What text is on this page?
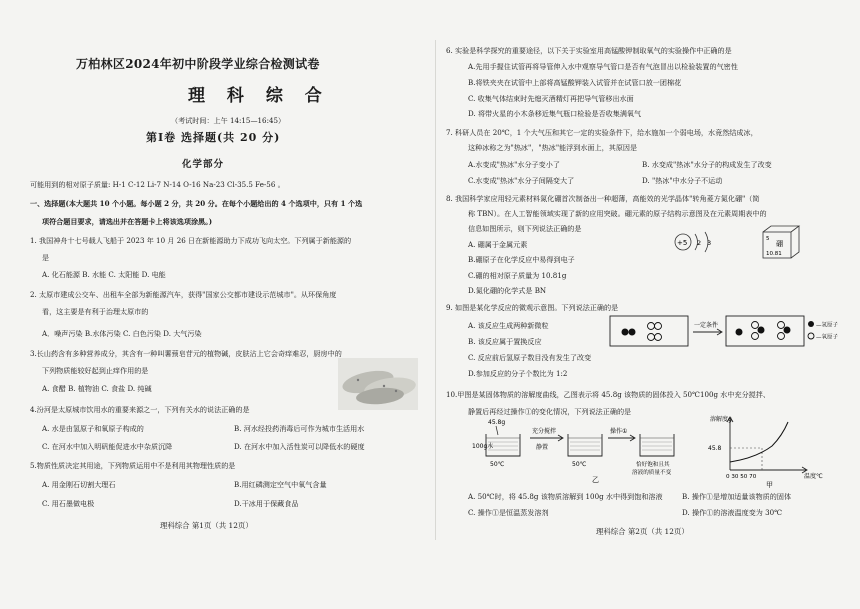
万柏林区2024年初中阶段学业综合检测试卷
理 科 综 合
（考试时间：上午 14:15—16:45）
第Ⅰ卷 选择题(共 20 分)
化学部分
可能用到的相对原子质量: H-1 C-12 Li-7 N-14 O-16 Na-23 Cl-35.5 Fe-56 。
一、选择题(本大题共 10 个小题。每小题 2 分，共 20 分。在每个小题给出的 4 个选项中，只有 1 个选
项符合题目要求，请选出并在答题卡上将该选项涂黑。)
1. 我国神舟十七号载人飞船于 2023 年 10 月 26 日在新能源助力下成功飞向太空。下列属于新能源的
是
A. 化石能源 B. 水能 C. 太阳能 D. 电能
2. 太原市建成公交车、出租车全部为新能源汽车，获得"国家公交都市建设示范城市"。从环保角度
看，这主要是有利于治理太原市的
A．噪声污染 B.水体污染 C. 白色污染 D. 大气污染
3.长山药含有多种营养成分，其含有一种叫薯蓣皂苷元的植物碱，皮肤沾上它会奇痒难忍，厨房中的
下列物质能较好起到止痒作用的是
A. 食醋 B. 植物油 C. 食盐 D. 纯碱
4.汾河是太原城市饮用水的重要来源之一，下列有关水的说法正确的是
A. 水是由氢原子和氧原子构成的	B. 河水经投药消毒后可作为城市生活用水
C. 在河水中加入明矾能促进水中杂质沉降	D. 在河水中加入活性炭可以降低水的硬度
5.物质性质决定其用途，下列物质运用中不是利用其物理性质的是
A. 用金刚石切割大理石	B.用红磷测定空气中氧气含量
C. 用石墨做电极	D.干冰用于保藏食品
理科综合 第1页（共 12页）
6. 实验是科学探究的重要途径，以下关于实验室用高锰酸钾制取氧气的实验操作中正确的是
A.先用手握住试管再将导管伸入水中观察导气管口是否有气泡冒出以检验装置的气密性
B.将铁夹夹在试管中上部将高锰酸钾装入试管并在试管口放一团棉花
C. 收集气体结束时先熄灭酒精灯再把导气管移出水面
D. 将带火星的小木条移近集气瓶口检验是否收集满氧气
7. 科研人员在 20℃，1 个大气压和其它一定的实验条件下，给水施加一个弱电场，水竟然结成冰，
这种冰称之为"热冰"，"热冰"能浮到水面上，其原因是
A.水变成"热冰"水分子变小了	B. 水变成"热冰"水分子的构成发生了改变
C.水变成"热冰"水分子间隔变大了	D. "热冰"中水分子不运动
8. 我国科学家应用轻元素材料氮化硼首次制备出一种超薄，高能效的光学晶体"转角菱方氮化硼"（简
称 TBN）。在人工智能领域实现了新的应用突破。硼元素的原子结构示意图及在元素周期表中的
信息如图所示，则下列说法正确的是
A. 硼属于金属元素
B.硼原子在化学反应中易得到电子
C.硼的相对原子质量为 10.81g
D.氮化硼的化学式是 BN
+5 2 3	5
硼
10.81
9. 如图是某化学反应的微观示意图。下列说法正确的是
A. 该反应生成两种新微粒
B. 该反应属于置换反应
C. 反应前后氢原子数目没有发生了改变
D.参加反应的分子个数比为 1:2
一定条件	—氢原子
—氧原子
10.甲图是某固体物质的溶解度曲线，乙图表示将 45.8g 该物质的固体投入 50℃100g 水中充分搅拌、
静置后再经过操作①的变化情况，下列说法正确的是
45.8g
100g水
50℃
充分搅拌
静置
50℃
操作①
恰好饱和且其
溶液的质量不变
乙
溶解度g
45.8
0 30 50 70	温度℃
甲
A. 50℃时，将 45.8g 该物质溶解到 100g 水中得到饱和溶液	B. 操作①是增加适量该物质的固体
C. 操作①是恒温蒸发溶剂	D. 操作①的溶液温度变为 30℃
理科综合 第2页（共 12页）
